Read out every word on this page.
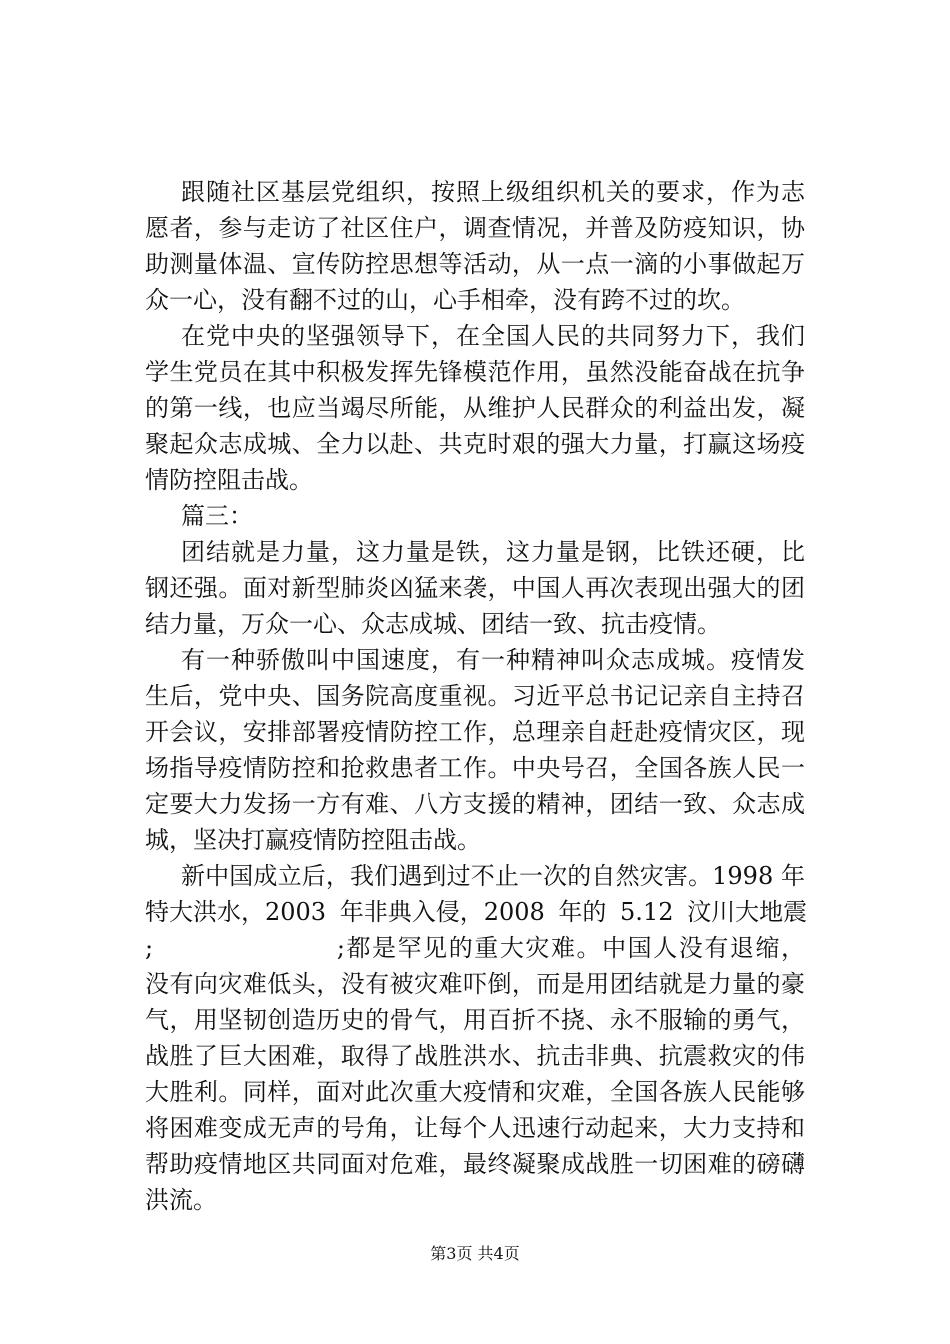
跟随社区基层党组织，按照上级组织机关的要求，作为志
愿者，参与走访了社区住户，调查情况，并普及防疫知识，协
助测量体温、宣传防控思想等活动，从一点一滴的小事做起万
众一心，没有翻不过的山，心手相牵，没有跨不过的坎。
在党中央的坚强领导下，在全国人民的共同努力下，我们
学生党员在其中积极发挥先锋模范作用，虽然没能奋战在抗争
的第一线，也应当竭尽所能，从维护人民群众的利益出发，凝
聚起众志成城、全力以赴、共克时艰的强大力量，打赢这场疫
情防控阻击战。
篇三：
团结就是力量，这力量是铁，这力量是钢，比铁还硬，比
钢还强。面对新型肺炎凶猛来袭，中国人再次表现出强大的团
结力量，万众一心、众志成城、团结一致、抗击疫情。
有一种骄傲叫中国速度，有一种精神叫众志成城。疫情发
生后，党中央、国务院高度重视。习近平总书记记亲自主持召
开会议，安排部署疫情防控工作，总理亲自赶赴疫情灾区，现
场指导疫情防控和抢救患者工作。中央号召，全国各族人民一
定要大力发扬一方有难、八方支援的精神，团结一致、众志成
城，坚决打赢疫情防控阻击战。
新中国成立后，我们遇到过不止一次的自然灾害。1998 年
特大洪水，2003 年非典入侵，2008 年的 5.12 汶川大地震
;                    ;都是罕见的重大灾难。中国人没有退缩，
没有向灾难低头，没有被灾难吓倒，而是用团结就是力量的豪
气，用坚韧创造历史的骨气，用百折不挠、永不服输的勇气，
战胜了巨大困难，取得了战胜洪水、抗击非典、抗震救灾的伟
大胜利。同样，面对此次重大疫情和灾难，全国各族人民能够
将困难变成无声的号角，让每个人迅速行动起来，大力支持和
帮助疫情地区共同面对危难，最终凝聚成战胜一切困难的磅礴
洪流。
第3页 共4页
